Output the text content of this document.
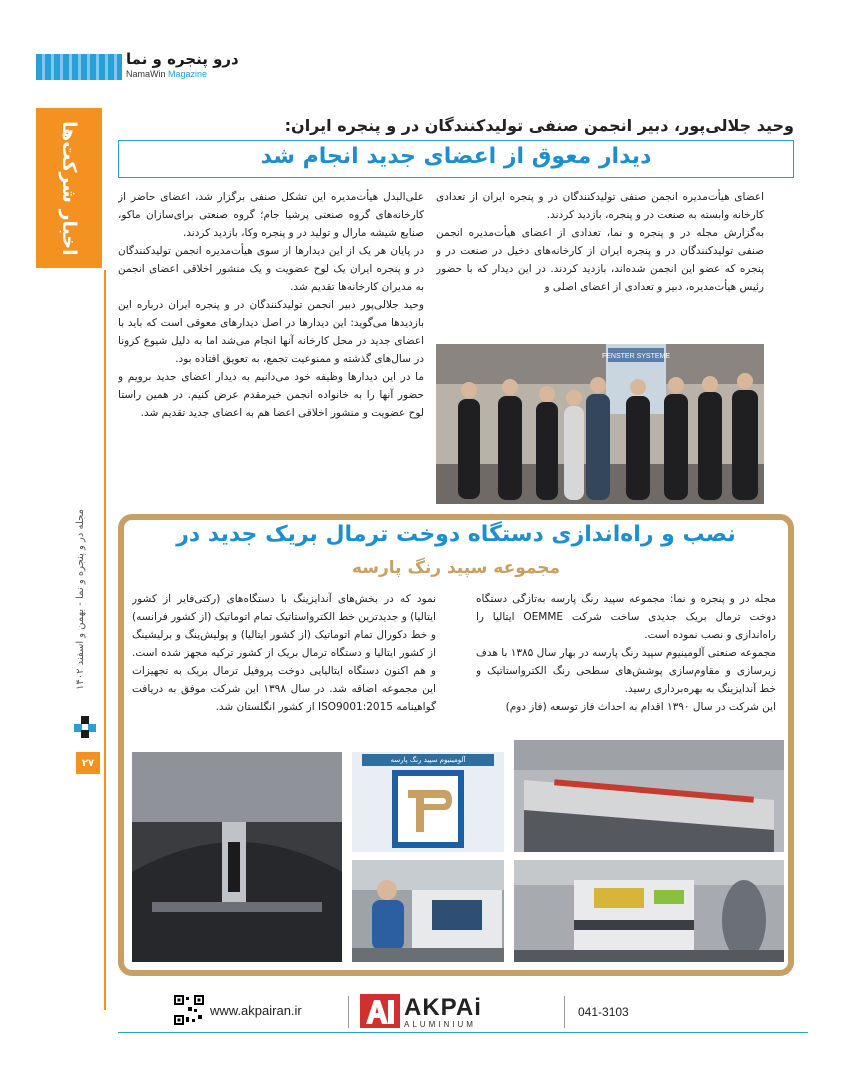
درو پنجره و نما
NamaWin Magazine
اخبار شرکت‌ها
مجله در و پنجره و نما - بهمن و اسفند ۱۴۰۲
۲۷
وحید جلالی‌پور، دبیر انجمن صنفی تولیدکنندگان در و پنجره ایران:
دیدار معوق از اعضای جدید انجام شد

اعضای هیأت‌مدیره انجمن صنفی تولیدکنندگان در و پنجره ایران از تعدادی کارخانه وابسته به صنعت در و پنجره، بازدید کردند.

به‌گزارش مجله در و پنجره و نما، تعدادی از اعضای هیأت‌مدیره انجمن صنفی تولیدکنندگان در و پنجره ایران از کارخانه‌های دخیل در صنعت در و پنجره که عضو این انجمن شده‌اند، بازدید کردند. در این دیدار که با حضور رئیس هیأت‌مدیره، دبیر و تعدادی از اعضای اصلی و

علی‌البدل هیأت‌مدیره این تشکل صنفی برگزار شد، اعضای حاضر از کارخانه‌های گروه صنعتی پرشیا جام؛ گروه صنعتی برای‌سازان ماکو، صنایع شیشه مارال و تولید در و پنجره وکا، بازدید کردند.

در پایان هر یک از این دیدارها از سوی هیأت‌مدیره انجمن تولیدکنندگان در و پنجره ایران یک لوح عضویت و یک منشور اخلاقی اعضای انجمن به مدیران کارخانه‌ها تقدیم شد.

وحید جلالی‌پور دبیر انجمن تولیدکنندگان در و پنجره ایران درباره این بازدیدها می‌گوید: این دیدارها در اصل دیدارهای معوقی است که باید با اعضای جدید در محل کارخانه آنها انجام می‌شد اما به دلیل شیوع کرونا در سال‌های گذشته و ممنوعیت تجمع، به تعویق افتاده بود.

ما در این دیدارها وظیفه خود می‌دانیم به دیدار اعضای جدید برویم و حضور آنها را به خانواده انجمن خیرمقدم عرض کنیم. در همین راستا لوح عضویت و منشور اخلاقی اعضا هم به اعضای جدید تقدیم شد.

FENSTER SYSTEME
نصب و راه‌اندازی دستگاه دوخت ترمال بریک جدید در
مجموعه سپید رنگ پارسه

مجله در و پنجره و نما: مجموعه سپید رنگ پارسه به‌تازگی دستگاه دوخت ترمال بریک جدیدی ساخت شرکت OEMME ایتالیا را راه‌اندازی و نصب نموده است.

مجموعه صنعتی آلومینیوم سپید رنگ پارسه در بهار سال ۱۳۸۵ با هدف زیرسازی و مقاوم‌سازی پوشش‌های سطحی رنگ الکترواستاتیک و خط آندایزینگ به بهره‌برداری رسید.

این شرکت در سال ۱۳۹۰ اقدام به احداث فاز توسعه (فاز دوم)

نمود که در بخش‌های آندایزینگ با دستگاه‌های (رکتی‌فایر از کشور ایتالیا) و جدیدترین خط الکترواستاتیک تمام اتوماتیک (از کشور فرانسه) و خط دکورال تمام اتوماتیک (از کشور ایتالیا) و پولیش‌ینگ و برلیشینگ از کشور ایتالیا و دستگاه ترمال بریک از کشور ترکیه مجهز شده است. و هم اکنون دستگاه ایتالیایی دوخت پروفیل ترمال بریک به تجهیزات این مجموعه اضافه شد. در سال ۱۳۹۸ این شرکت موفق به دریافت گواهینامه ISO9001:2015 از کشور انگلستان شد.

آلومینیوم سپید رنگ پارسه
www.akpairan.ir	AKPAi
ALUMINIUM
041-3103
